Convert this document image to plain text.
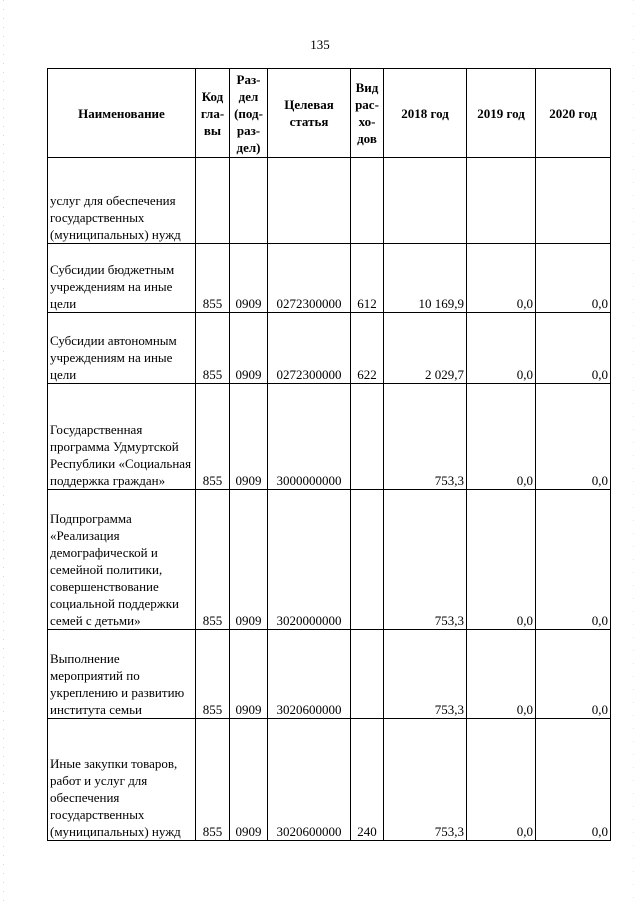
135
Наименование	Код гла- вы	Раз- дел (под- раз- дел)	Целевая статья	Вид рас- хо- дов	2018 год	2019 год	2020 год
услуг для обеспечения государственных (муниципальных) нужд							
Субсидии бюджетным учреждениям на иные цели	855	0909	0272300000	612	10 169,9	0,0	0,0
Субсидии автономным учреждениям на иные цели	855	0909	0272300000	622	2 029,7	0,0	0,0
Государственная программа Удмуртской Республики «Социальная поддержка граждан»	855	0909	3000000000		753,3	0,0	0,0
Подпрограмма «Реализация демографической и семейной политики, совершенствование социальной поддержки семей с детьми»	855	0909	3020000000		753,3	0,0	0,0
Выполнение мероприятий по укреплению и развитию института семьи	855	0909	3020600000		753,3	0,0	0,0
Иные закупки товаров, работ и услуг для обеспечения государственных (муниципальных) нужд	855	0909	3020600000	240	753,3	0,0	0,0
